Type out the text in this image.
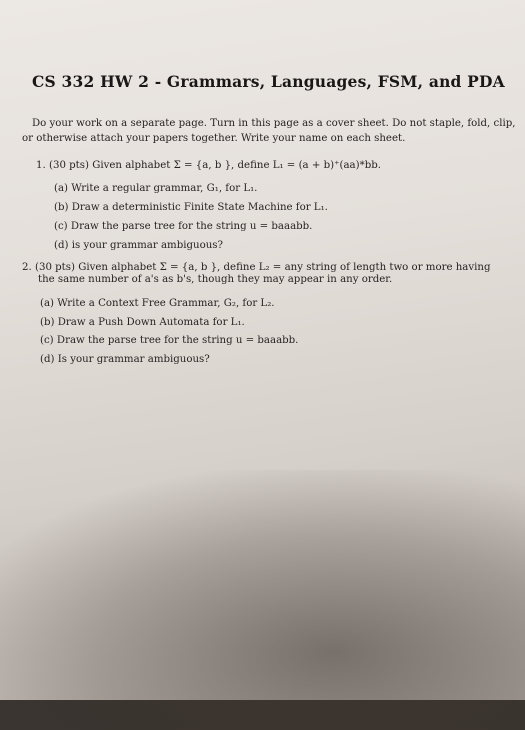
CS 332 HW 2 - Grammars, Languages, FSM, and PDA
Do your work on a separate page. Turn in this page as a cover sheet. Do not staple, fold, clip,
or otherwise attach your papers together. Write your name on each sheet.
1. (30 pts) Given alphabet Σ = {a, b }, define L₁ = (a + b)⁺(aa)*bb.
(a) Write a regular grammar, G₁, for L₁.
(b) Draw a deterministic Finite State Machine for L₁.
(c) Draw the parse tree for the string u = baaabb.
(d) is your grammar ambiguous?
2. (30 pts) Given alphabet Σ = {a, b }, define L₂ = any string of length two or more having
the same number of a's as b's, though they may appear in any order.
(a) Write a Context Free Grammar, G₂, for L₂.
(b) Draw a Push Down Automata for L₁.
(c) Draw the parse tree for the string u = baaabb.
(d) Is your grammar ambiguous?
